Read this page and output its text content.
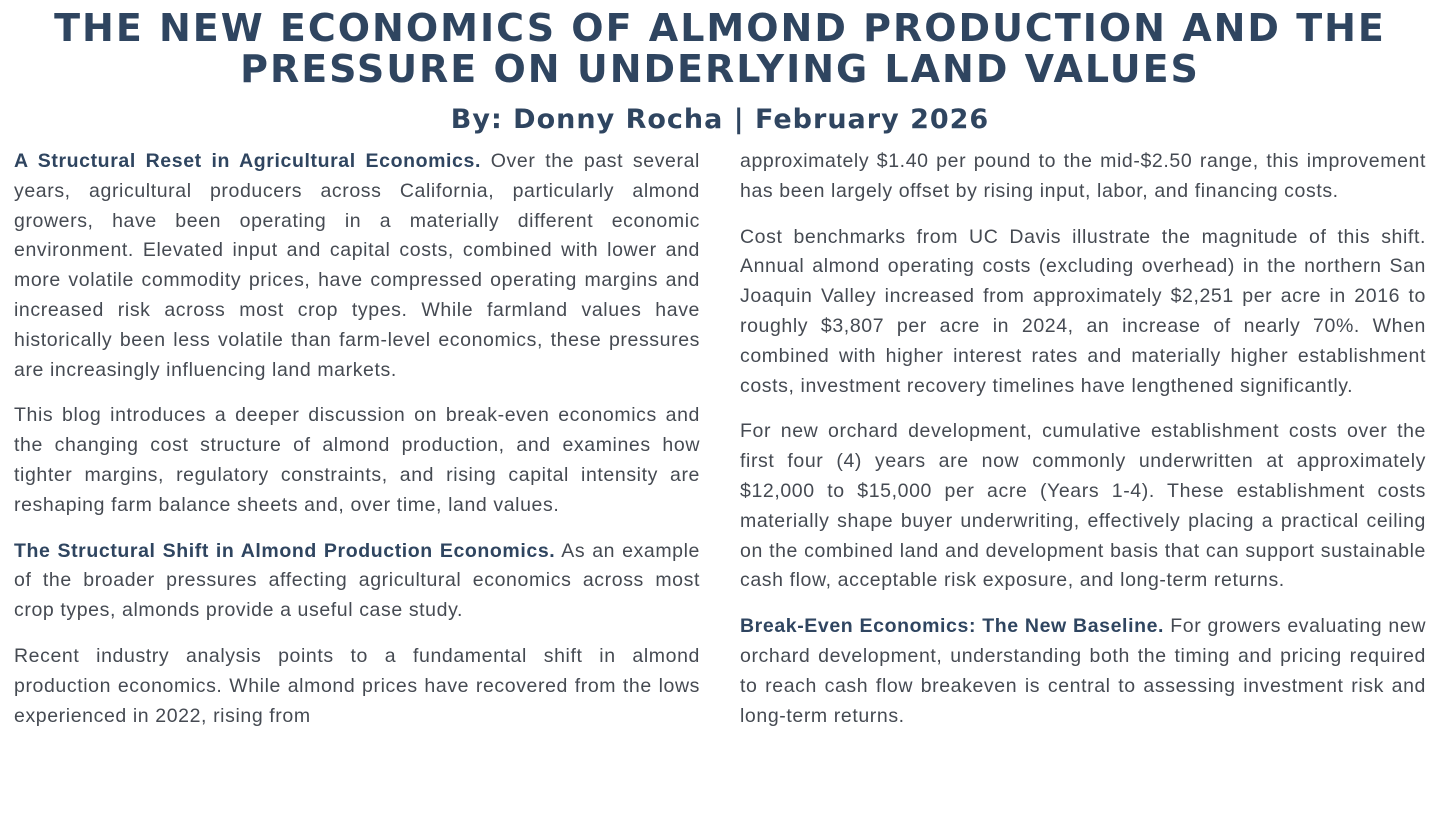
THE NEW ECONOMICS OF ALMOND PRODUCTION AND THE PRESSURE ON UNDERLYING LAND VALUES
By: Donny Rocha | February 2026

A Structural Reset in Agricultural Economics. Over the past several years, agricultural producers across California, particularly almond growers, have been operating in a materially different economic environment. Elevated input and capital costs, combined with lower and more volatile commodity prices, have compressed operating margins and increased risk across most crop types. While farmland values have historically been less volatile than farm-level economics, these pressures are increasingly influencing land markets.

This blog introduces a deeper discussion on break-even economics and the changing cost structure of almond production, and examines how tighter margins, regulatory constraints, and rising capital intensity are reshaping farm balance sheets and, over time, land values.

The Structural Shift in Almond Production Economics. As an example of the broader pressures affecting agricultural economics across most crop types, almonds provide a useful case study.

Recent industry analysis points to a fundamental shift in almond production economics. While almond prices have recovered from the lows experienced in 2022, rising from

approximately $1.40 per pound to the mid-$2.50 range, this improvement has been largely offset by rising input, labor, and financing costs.

Cost benchmarks from UC Davis illustrate the magnitude of this shift. Annual almond operating costs (excluding overhead) in the northern San Joaquin Valley increased from approximately $2,251 per acre in 2016 to roughly $3,807 per acre in 2024, an increase of nearly 70%. When combined with higher interest rates and materially higher establishment costs, investment recovery timelines have lengthened significantly.

For new orchard development, cumulative establishment costs over the first four (4) years are now commonly underwritten at approximately $12,000 to $15,000 per acre (Years 1-4). These establishment costs materially shape buyer underwriting, effectively placing a practical ceiling on the combined land and development basis that can support sustainable cash flow, acceptable risk exposure, and long-term returns.

Break-Even Economics: The New Baseline. For growers evaluating new orchard development, understanding both the timing and pricing required to reach cash flow breakeven is central to assessing investment risk and long-term returns.
